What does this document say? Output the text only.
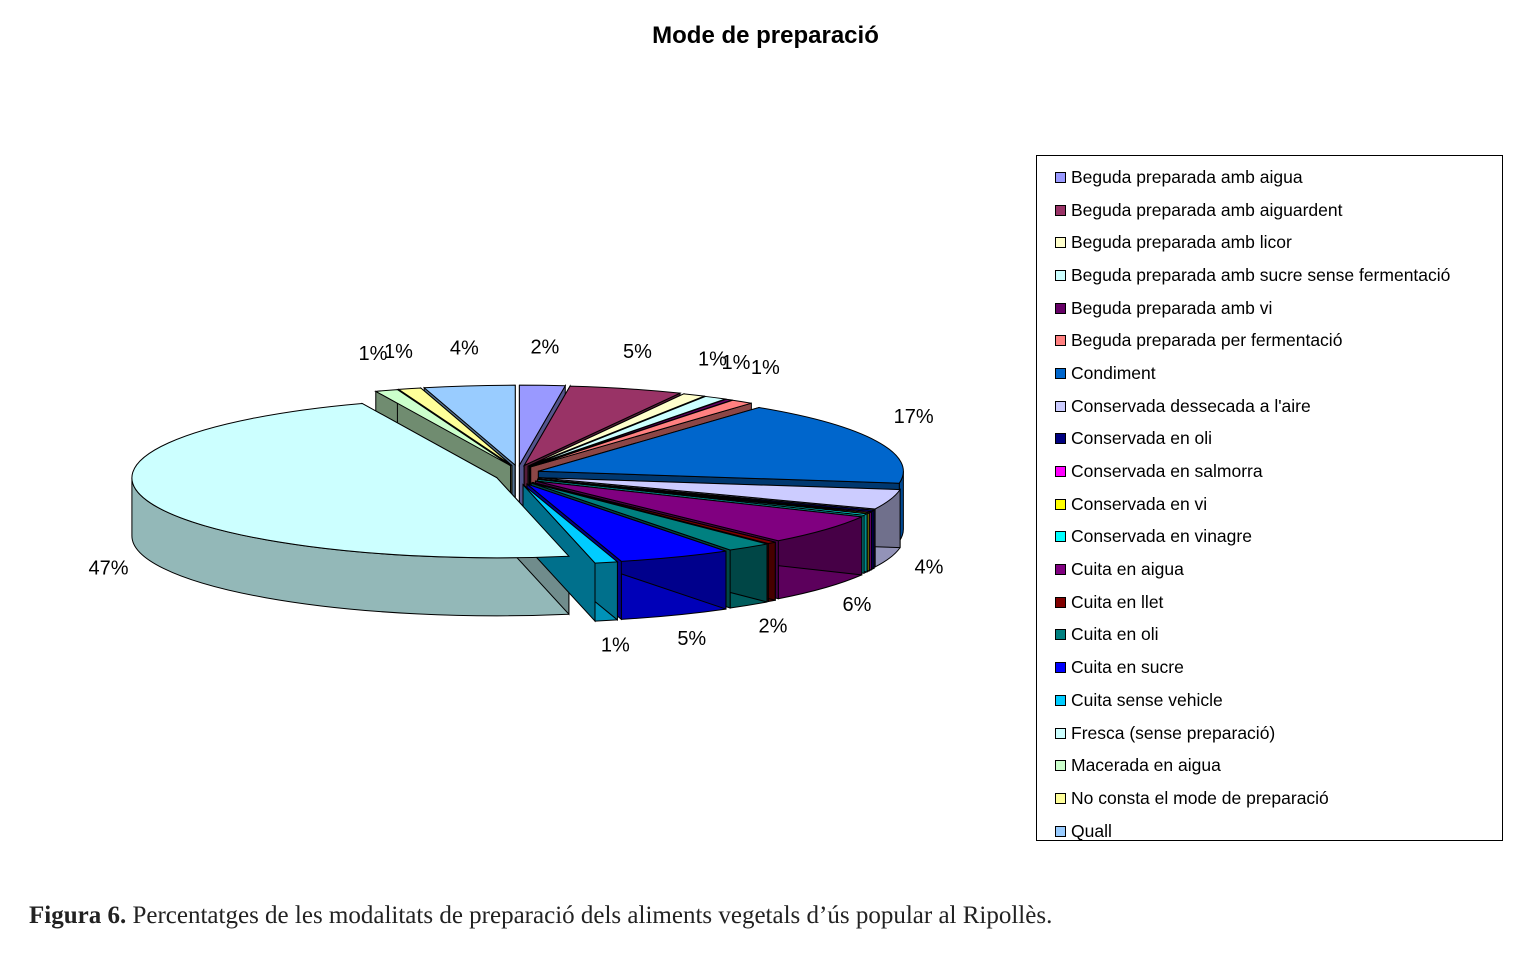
Mode de preparació
2%	5% 1%
1% 1%
17%
4%
6%
2%
5%
1%
47%
1%
1% 4%
Beguda preparada amb aigua
Beguda preparada amb aiguardent
Beguda preparada amb licor
Beguda preparada amb sucre sense fermentació
Beguda preparada amb vi
Beguda preparada per fermentació
Condiment
Conservada dessecada a l'aire
Conservada en oli
Conservada en salmorra
Conservada en vi
Conservada en vinagre
Cuita en aigua
Cuita en llet
Cuita en oli
Cuita en sucre
Cuita sense vehicle
Fresca (sense preparació)
Macerada en aigua
No consta el mode de preparació
Quall
Figura 6. Percentatges de les modalitats de preparació dels aliments vegetals d’ús popular al Ripollès.
